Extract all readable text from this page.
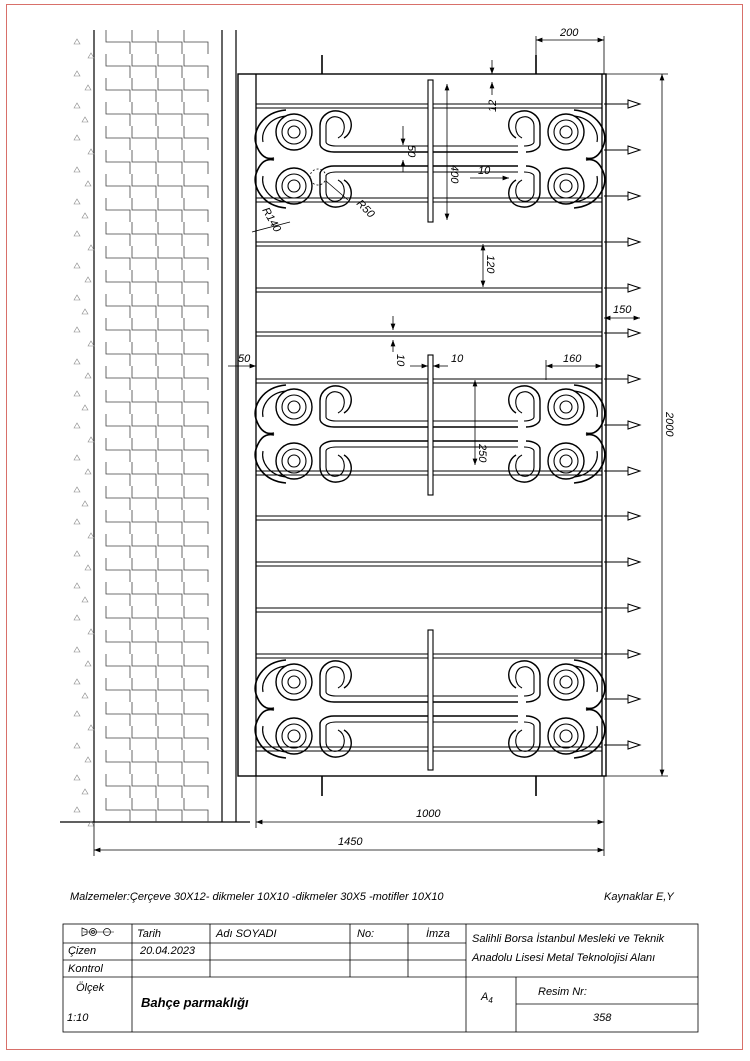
200
12
50
400 10
R140	R50
120
150
10	10	160
50
250
2000
1000
1450
Malzemeler:Çerçeve 30X12- dikmeler 10X10 -dikmeler 30X5 -motifler 10X10	Kaynaklar E,Y
Tarih	Adı SOYADI	No:	İmza
Çizen	20.04.2023
Kontrol
Salihli Borsa İstanbul Mesleki ve Teknik
Anadolu Lisesi Metal Teknolojisi Alanı
Ölçek
1:10
Bahçe parmaklığı	$A_4$
Resim Nr:
358
